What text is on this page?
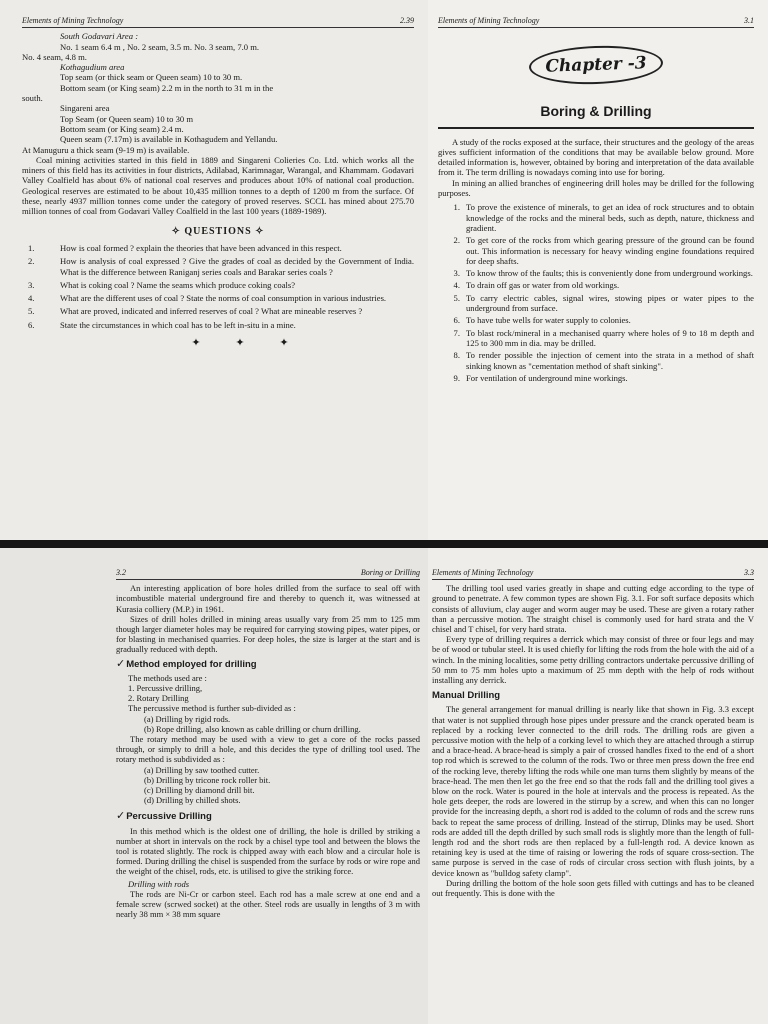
Elements of Mining Technology	2.39

South Godavari Area :

No. 1 seam 6.4 m , No. 2 seam, 3.5 m. No. 3 seam, 7.0 m.

No. 4 seam, 4.8 m.

Kothagudium area

Top seam (or thick seam or Queen seam) 10 to 30 m.

Bottom seam (or King seam) 2.2 m in the north to 31 m in the

south.

Singareni area

Top Seam (or Queen seam) 10 to 30 m

Bottom seam (or King seam) 2.4 m.

Queen seam (7.17m) is available in Kothagudem and Yellandu.

At Manuguru a thick seam (9-19 m) is available.

Coal mining activities started in this field in 1889 and Singareni Colieries Co. Ltd. which works all the miners of this field has its activities in four districts, Adilabad, Karimnagar, Warangal, and Khammam. Godavari Valley Coalfield has about 6% of national coal reserves and produces about 10% of national coal production. Geological reserves are estimated to be about 10,435 million tonnes to a depth of 1200 m from the surface. Of these, nearly 4937 million tonnes come under the category of proved reserves. SCCL has mined about 275.70 million tonnes of coal from Godavari Valley Coalfield in the last 100 years (1889-1989).

✧ QUESTIONS ✧
1.	How is coal formed ? explain the theories that have been advanced in this respect.
2.	How is analysis of coal expressed ? Give the grades of coal as decided by the Government of India. What is the difference between Raniganj series coals and Barakar series coals ?
3.	What is coking coal ? Name the seams which produce coking coals?
4.	What are the different uses of coal ? State the norms of coal consumption in various industries.
5.	What are proved, indicated and inferred reserves of coal ? What are mineable reserves ?
6.	State the circumstances in which coal has to be left in-situ in a mine.
✦ ✦ ✦
Elements of Mining Technology	3.1
Chapter -3
Boring & Drilling

A study of the rocks exposed at the surface, their structures and the geology of the areas gives sufficient information of the conditions that may be available below ground. More detailed information is, however, obtained by boring and interpretation of the data available from it. The term drilling is nowadays coming into use for boring.

In mining an allied branches of engineering drill holes may be drilled for the following purposes.

1. To prove the existence of minerals, to get an idea of rock structures and to obtain knowledge of the rocks and the mineral beds, such as depth, nature, thickness and gradient.
2. To get core of the rocks from which gearing pressure of the ground can be found out. This information is necessary for heavy winding engine foundations required for deep shafts.
3. To know throw of the faults; this is conveniently done from underground workings.
4. To drain off gas or water from old workings.
5. To carry electric cables, signal wires, stowing pipes or water pipes to the underground from surface.
6. To have tube wells for water supply to colonies.
7. To blast rock/mineral in a mechanised quarry where holes of 9 to 18 m depth and 125 to 300 mm in dia. may be drilled.
8. To render possible the injection of cement into the strata in a method of shaft sinking known as "cementation method of shaft sinking".
9. For ventilation of underground mine workings.
3.2	Boring or Drilling

An interesting application of bore holes drilled from the surface to seal off with incombustible material underground fire and thereby to quench it, was witnessed at Kurasia colliery (M.P.) in 1961.

Sizes of drill holes drilled in mining areas usually vary from 25 mm to 125 mm though larger diameter holes may be required for carrying stowing pipes, water pipes, or for blasting in mechanised quarries. For deep holes, the size is larger at the start and is gradually reduced with depth.

✓Method employed for drilling

The methods used are :

1. Percussive drilling,

2. Rotary Drilling

The percussive method is further sub-divided as :

(a) Drilling by rigid rods.

(b) Rope drilling, also known as cable drilling or churn drilling.

The rotary method may be used with a view to get a core of the rocks passed through, or simply to drill a hole, and this decides the type of drilling tool used. The rotary method is subdivided as :

(a) Drilling by saw toothed cutter.

(b) Drilling by tricone rock roller bit.

(c) Drilling by diamond drill bit.

(d) Drilling by chilled shots.

✓Percussive Drilling

In this method which is the oldest one of drilling, the hole is drilled by striking a number at short in intervals on the rock by a chisel type tool and between the blows the tool is rotated slightly. The rock is chipped away with each blow and a circular hole is formed. During drilling the chisel is suspended from the surface by rods or wire rope and the weight of the chisel, rods, etc. is utilised to give the striking force.

Drilling with rods

The rods are Ni-Cr or carbon steel. Each rod has a male screw at one end and a female screw (scrwed socket) at the other. Steel rods are usually in lengths of 3 m with nearly 38 mm × 38 mm square

Elements of Mining Technology	3.3

The drilling tool used varies greatly in shape and cutting edge according to the type of ground to penetrate. A few common types are shown Fig. 3.1. For soft surface deposits which consists of alluvium, clay auger and worm auger may be used. These are given a rotary rather than a percussive motion. The straight chisel is commonly used for hard strata and the V chisel and T chisel, for very hard strata.

Every type of drilling requires a derrick which may consist of three or four legs and may be of wood or tubular steel. It is used chiefly for lifting the rods from the hole with the aid of a winch. In the mining localities, some petty drilling contractors undertake percussive drilling of 50 mm to 75 mm holes upto a maximum of 25 mm depth with the help of rods without installing any derrick.

Manual Drilling

The general arrangement for manual drilling is nearly like that shown in Fig. 3.3 except that water is not supplied through hose pipes under pressure and the cranck operated beam is replaced by a rocking lever connected to the drill rods. The drilling rods are given a percussive motion with the help of a corking level to which they are attached through a stirrup and a brace-head. A brace-head is simply a pair of crossed handles fixed to the end of a short top rod which is screwed to the column of the rods. Two or three men press down the free end of the rocking leve, thereby lifting the rods while one man turns them slightly by means of the brace-head. The men then let go the free end so that the rods fall and the drilling tool gives a blow on the rock. Water is poured in the hole at intervals and the process is repeated. As the hole gets deeper, the rods are lowered in the stirrup by a screw, and when this can no longer provide for the increasing depth, a short rod is added to the column of rods and the screw runs back to repeat the same process of drilling. Instead of the stirrup, Dlinks may be used. Short rods are added till the depth drilled by such small rods is slightly more than the length of full-length rod and the short rods are then replaced by a full-length rod. A device known as retaining key is used at the time of raising or lowering the rods of square cross-section. The same purpose is served in the case of rods of circular cross section with flush joints, by a device known as "bulldog safety clamp".

During drilling the bottom of the hole soon gets filled with cuttings and has to be cleaned out frequently. This is done with the
